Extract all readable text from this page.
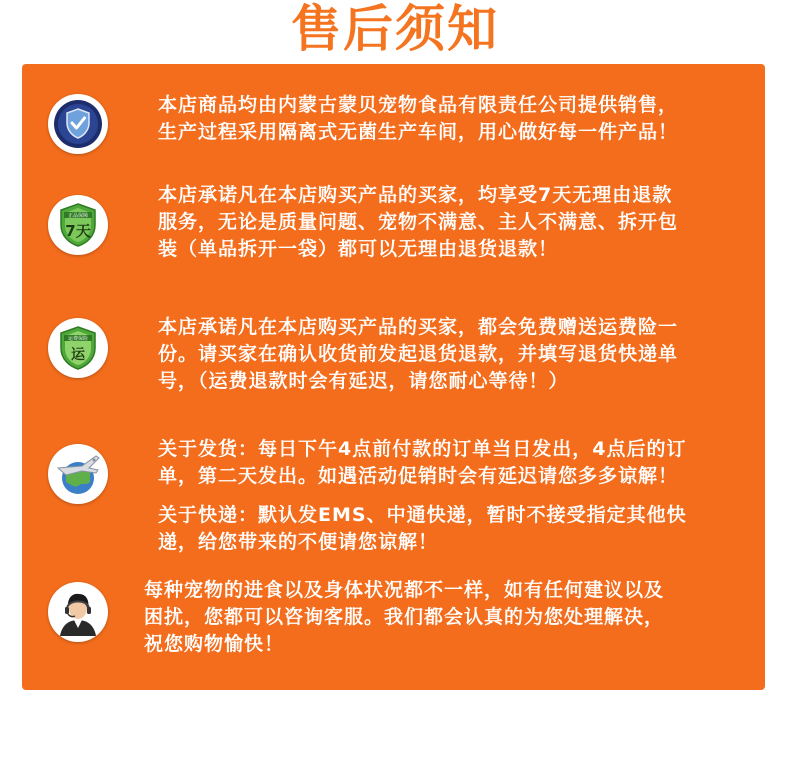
售后须知

本店商品均由内蒙古蒙贝宠物食品有限责任公司提供销售，

生产过程采用隔离式无菌生产车间，用心做好每一件产品！

正品保障
7天

本店承诺凡在本店购买产品的买家，均享受7天无理由退款

服务，无论是质量问题、宠物不满意、主人不满意、拆开包

装（单品拆开一袋）都可以无理由退货退款！

运费保险
运

本店承诺凡在本店购买产品的买家，都会免费赠送运费险一

份。请买家在确认收货前发起退货退款，并填写退货快递单

号，（运费退款时会有延迟，请您耐心等待！）

关于发货：每日下午4点前付款的订单当日发出，4点后的订

单，第二天发出。如遇活动促销时会有延迟请您多多谅解！

关于快递：默认发EMS、中通快递，暂时不接受指定其他快

递，给您带来的不便请您谅解！

每种宠物的进食以及身体状况都不一样，如有任何建议以及

困扰，您都可以咨询客服。我们都会认真的为您处理解决，

祝您购物愉快！
